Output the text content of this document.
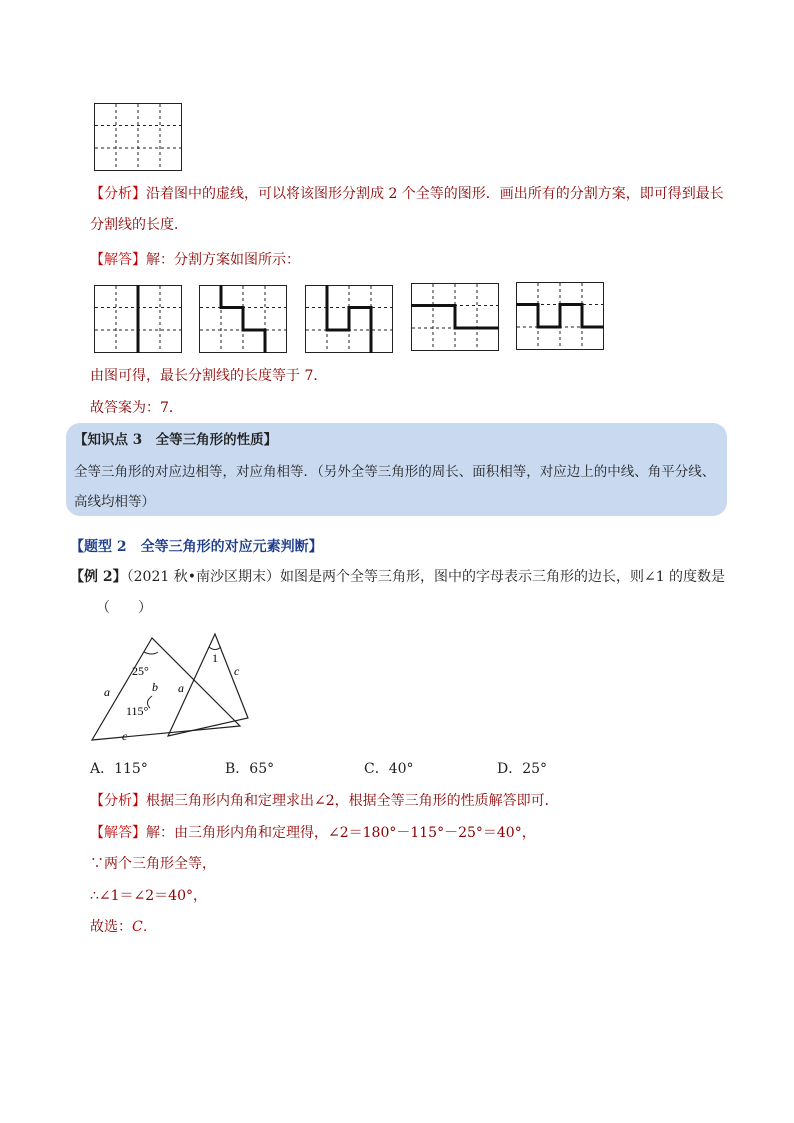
【分析】沿着图中的虚线，可以将该图形分割成 2 个全等的图形．画出所有的分割方案，即可得到最长
分割线的长度．
【解答】解：分割方案如图所示：
由图可得，最长分割线的长度等于 7．
故答案为：7．
【知识点 3　全等三角形的性质】
全等三角形的对应边相等，对应角相等．（另外全等三角形的周长、面积相等，对应边上的中线、角平分线、
高线均相等）
【题型 2　全等三角形的对应元素判断】
【例 2】（2021 秋•南沙区期末）如图是两个全等三角形，图中的字母表示三角形的边长，则∠1 的度数是
（　　）
25°
115°
a	b
c
1
a
c
A．115°	B．65°	C．40°	D．25°
【分析】根据三角形内角和定理求出∠2，根据全等三角形的性质解答即可．
【解答】解：由三角形内角和定理得，∠2＝180°－115°－25°＝40°，
∵两个三角形全等，
∴∠1＝∠2＝40°，
故选：C．
